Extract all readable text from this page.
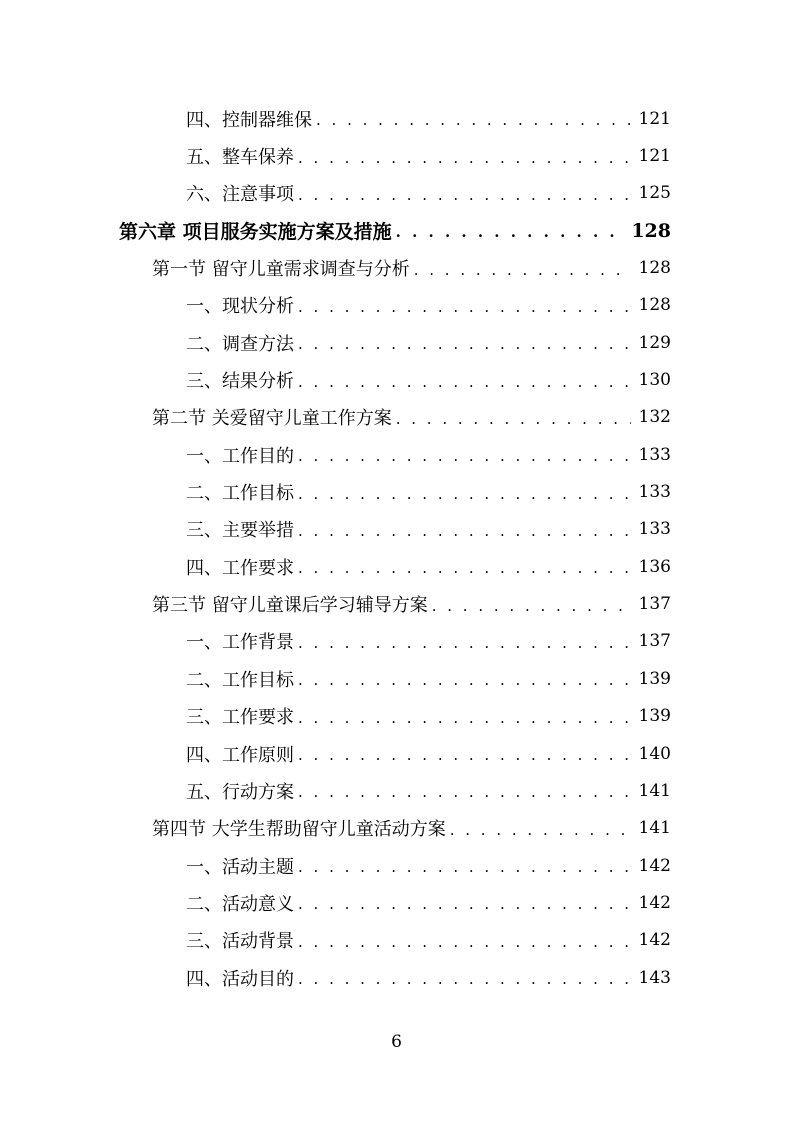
四、控制器维保 . . .	121
五、整车保养 . . .	121
六、注意事项 . . .	125
第六章 项目服务实施方案及措施 . . .	128
第一节 留守儿童需求调查与分析 . . .	128
一、现状分析 . . .	128
二、调查方法 . . .	129
三、结果分析 . . .	130
第二节 关爱留守儿童工作方案 . . .	132
一、工作目的 . . .	133
二、工作目标 . . .	133
三、主要举措 . . .	133
四、工作要求 . . .	136
第三节 留守儿童课后学习辅导方案 . . .	137
一、工作背景 . . .	137
二、工作目标 . . .	139
三、工作要求 . . .	139
四、工作原则 . . .	140
五、行动方案 . . .	141
第四节 大学生帮助留守儿童活动方案 . . .	141
一、活动主题 . . .	142
二、活动意义 . . .	142
三、活动背景 . . .	142
四、活动目的 . . .	143
6
